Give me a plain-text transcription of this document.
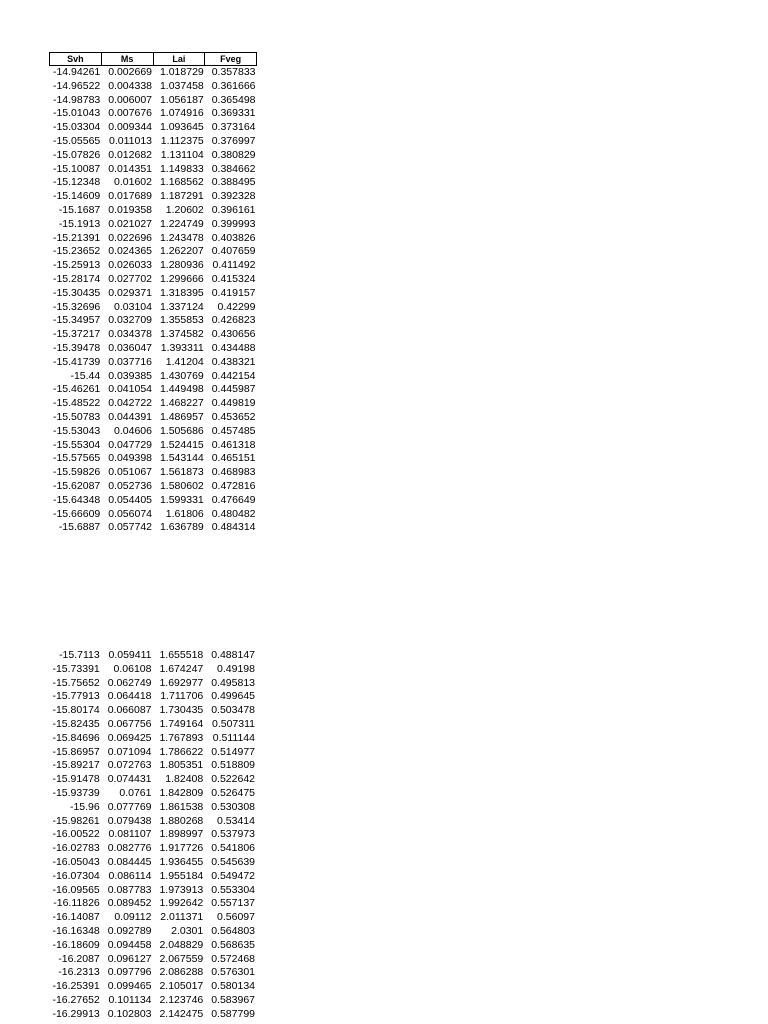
Svh	Ms	Lai	Fveg
-14.94261	0.002669	1.018729	0.357833
-14.96522	0.004338	1.037458	0.361666
-14.98783	0.006007	1.056187	0.365498
-15.01043	0.007676	1.074916	0.369331
-15.03304	0.009344	1.093645	0.373164
-15.05565	0.011013	1.112375	0.376997
-15.07826	0.012682	1.131104	0.380829
-15.10087	0.014351	1.149833	0.384662
-15.12348	0.01602	1.168562	0.388495
-15.14609	0.017689	1.187291	0.392328
-15.1687	0.019358	1.20602	0.396161
-15.1913	0.021027	1.224749	0.399993
-15.21391	0.022696	1.243478	0.403826
-15.23652	0.024365	1.262207	0.407659
-15.25913	0.026033	1.280936	0.411492
-15.28174	0.027702	1.299666	0.415324
-15.30435	0.029371	1.318395	0.419157
-15.32696	0.03104	1.337124	0.42299
-15.34957	0.032709	1.355853	0.426823
-15.37217	0.034378	1.374582	0.430656
-15.39478	0.036047	1.393311	0.434488
-15.41739	0.037716	1.41204	0.438321
-15.44	0.039385	1.430769	0.442154
-15.46261	0.041054	1.449498	0.445987
-15.48522	0.042722	1.468227	0.449819
-15.50783	0.044391	1.486957	0.453652
-15.53043	0.04606	1.505686	0.457485
-15.55304	0.047729	1.524415	0.461318
-15.57565	0.049398	1.543144	0.465151
-15.59826	0.051067	1.561873	0.468983
-15.62087	0.052736	1.580602	0.472816
-15.64348	0.054405	1.599331	0.476649
-15.66609	0.056074	1.61806	0.480482
-15.6887	0.057742	1.636789	0.484314
-15.7113	0.059411	1.655518	0.488147
-15.73391	0.06108	1.674247	0.49198
-15.75652	0.062749	1.692977	0.495813
-15.77913	0.064418	1.711706	0.499645
-15.80174	0.066087	1.730435	0.503478
-15.82435	0.067756	1.749164	0.507311
-15.84696	0.069425	1.767893	0.511144
-15.86957	0.071094	1.786622	0.514977
-15.89217	0.072763	1.805351	0.518809
-15.91478	0.074431	1.82408	0.522642
-15.93739	0.0761	1.842809	0.526475
-15.96	0.077769	1.861538	0.530308
-15.98261	0.079438	1.880268	0.53414
-16.00522	0.081107	1.898997	0.537973
-16.02783	0.082776	1.917726	0.541806
-16.05043	0.084445	1.936455	0.545639
-16.07304	0.086114	1.955184	0.549472
-16.09565	0.087783	1.973913	0.553304
-16.11826	0.089452	1.992642	0.557137
-16.14087	0.09112	2.011371	0.56097
-16.16348	0.092789	2.0301	0.564803
-16.18609	0.094458	2.048829	0.568635
-16.2087	0.096127	2.067559	0.572468
-16.2313	0.097796	2.086288	0.576301
-16.25391	0.099465	2.105017	0.580134
-16.27652	0.101134	2.123746	0.583967
-16.29913	0.102803	2.142475	0.587799
